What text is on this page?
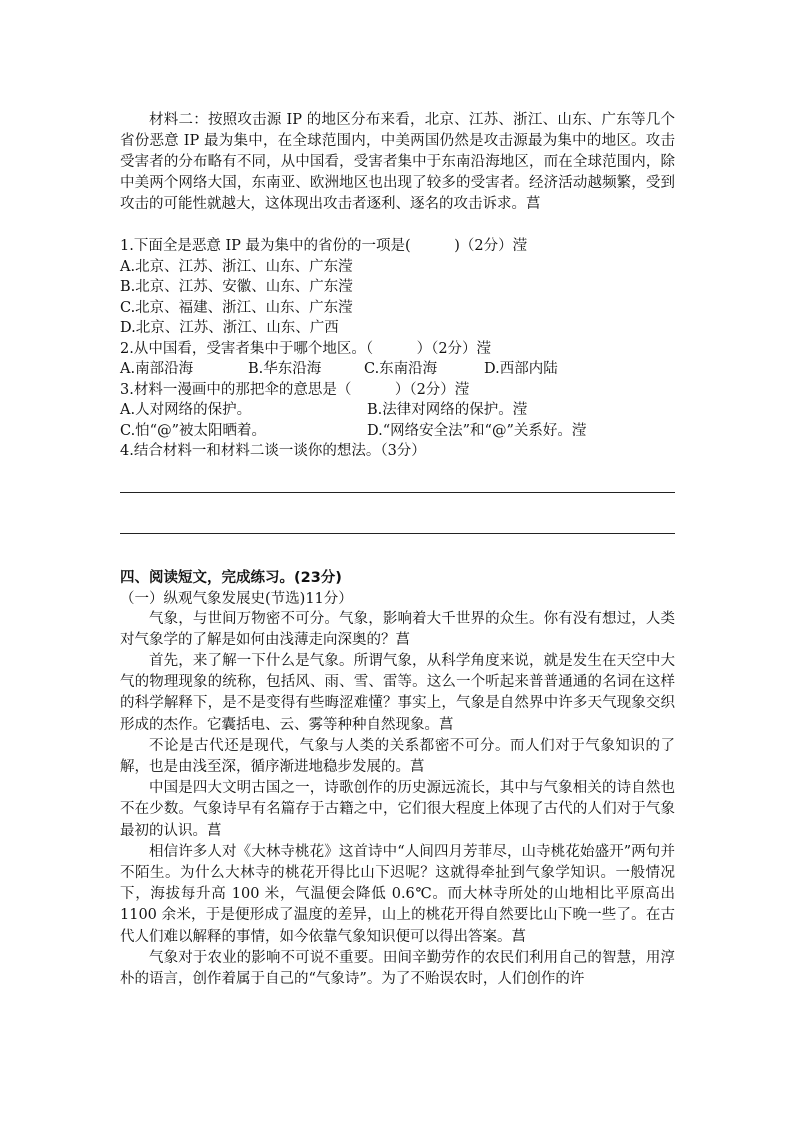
材料二：按照攻击源 IP 的地区分布来看，北京、江苏、浙江、山东、广东等几个省份恶意 IP 最为集中，在全球范围内，中美两国仍然是攻击源最为集中的地区。攻击受害者的分布略有不同，从中国看，受害者集中于东南沿海地区，而在全球范围内，除中美两个网络大国，东南亚、欧洲地区也出现了较多的受害者。经济活动越频繁，受到攻击的可能性就越大，这体现出攻击者逐利、逐名的攻击诉求。菖

1.下面全是恶意 IP 最为集中的省份的一项是(　　　)（2分）滢

A.北京、江苏、浙江、山东、广东滢

B.北京、江苏、安徽、山东、广东滢

C.北京、福建、浙江、山东、广东滢

D.北京、江苏、浙江、山东、广西

2.从中国看，受害者集中于哪个地区。（　　　）（2分）滢

A.南部沿海	B.华东沿海	C.东南沿海	D.西部内陆

3.材料一漫画中的那把伞的意思是（　　　）（2分）滢

A.人对网络的保护。	B.法律对网络的保护。滢
C.怕“@”被太阳晒着。	D.“网络安全法”和“@”关系好。滢

4.结合材料一和材料二谈一谈你的想法。（3分）

四、阅读短文，完成练习。(23分)

（一）纵观气象发展史(节选)11分）

气象，与世间万物密不可分。气象，影响着大千世界的众生。你有没有想过，人类对气象学的了解是如何由浅薄走向深奥的？菖

首先，来了解一下什么是气象。所谓气象，从科学角度来说，就是发生在天空中大气的物理现象的统称，包括风、雨、雪、雷等。这么一个听起来普普通通的名词在这样的科学解释下，是不是变得有些晦涩难懂？事实上，气象是自然界中许多天气现象交织形成的杰作。它囊括电、云、雾等种种自然现象。菖

不论是古代还是现代，气象与人类的关系都密不可分。而人们对于气象知识的了解，也是由浅至深，循序渐进地稳步发展的。菖

中国是四大文明古国之一，诗歌创作的历史源远流长，其中与气象相关的诗自然也不在少数。气象诗早有名篇存于古籍之中，它们很大程度上体现了古代的人们对于气象最初的认识。菖

相信许多人对《大林寺桃花》这首诗中“人间四月芳菲尽，山寺桃花始盛开”两句并不陌生。为什么大林寺的桃花开得比山下迟呢？这就得牵扯到气象学知识。一般情况下，海拔每升高 100 米，气温便会降低 0.6℃。而大林寺所处的山地相比平原高出 1100 余米，于是便形成了温度的差异，山上的桃花开得自然要比山下晚一些了。在古代人们难以解释的事情，如今依靠气象知识便可以得出答案。菖

气象对于农业的影响不可说不重要。田间辛勤劳作的农民们利用自己的智慧，用淳朴的语言，创作着属于自己的“气象诗”。为了不贻误农时，人们创作的许
